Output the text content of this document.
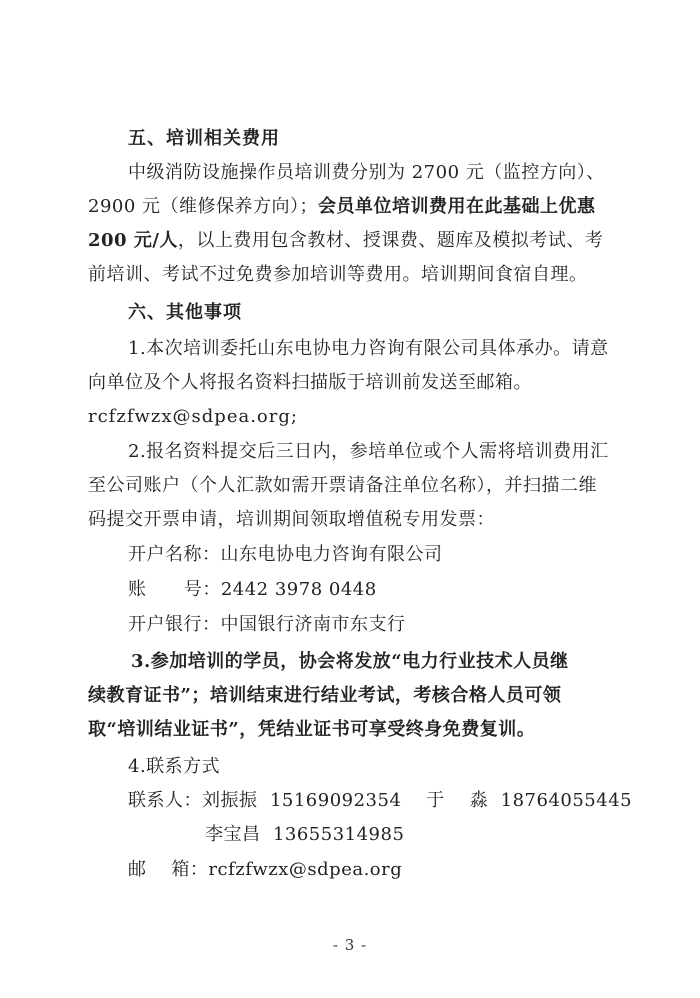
五、培训相关费用
中级消防设施操作员培训费分别为 2700 元（监控方向）、
2900 元（维修保养方向）；会员单位培训费用在此基础上优惠
200 元/人，以上费用包含教材、授课费、题库及模拟考试、考
前培训、考试不过免费参加培训等费用。培训期间食宿自理。
六、其他事项
1.本次培训委托山东电协电力咨询有限公司具体承办。请意
向单位及个人将报名资料扫描版于培训前发送至邮箱。
rcfzfwzx@sdpea.org;
2.报名资料提交后三日内，参培单位或个人需将培训费用汇
至公司账户（个人汇款如需开票请备注单位名称），并扫描二维
码提交开票申请，培训期间领取增值税专用发票：
开户名称：山东电协电力咨询有限公司
账      号：2442 3978 0448
开户银行：中国银行济南市东支行
3.参加培训的学员，协会将发放“电力行业技术人员继
续教育证书”；培训结束进行结业考试，考核合格人员可领
取“培训结业证书”，凭结业证书可享受终身免费复训。
4.联系方式
联系人：刘振振  15169092354    于    淼  18764055445
李宝昌  13655314985
邮    箱：rcfzfwzx@sdpea.org
- 3 -
